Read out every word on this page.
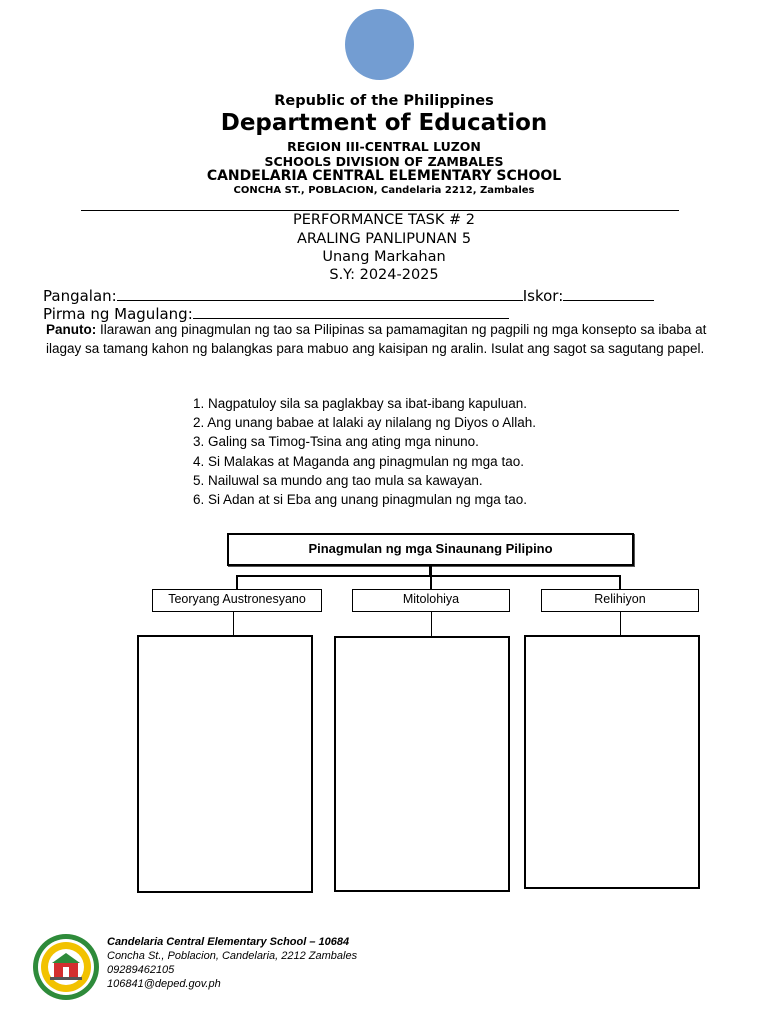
Republic of the Philippines
Department of Education
REGION III-CENTRAL LUZON
SCHOOLS DIVISION OF ZAMBALES
CANDELARIA CENTRAL ELEMENTARY SCHOOL
CONCHA ST., POBLACION, Candelaria 2212, Zambales
PERFORMANCE TASK # 2
ARALING PANLIPUNAN 5
Unang Markahan
S.Y: 2024-2025
Pangalan:	Iskor:
Pirma ng Magulang:
Panuto: Ilarawan ang pinagmulan ng tao sa Pilipinas sa pamamagitan ng pagpili ng mga konsepto sa ibaba at ilagay sa tamang kahon ng balangkas para mabuo ang kaisipan ng aralin. Isulat ang sagot sa sagutang papel.
1. Nagpatuloy sila sa paglakbay sa ibat-ibang kapuluan.
2. Ang unang babae at lalaki ay nilalang ng Diyos o Allah.
3. Galing sa Timog-Tsina ang ating mga ninuno.
4. Si Malakas at Maganda ang pinagmulan ng mga tao.
5. Nailuwal sa mundo ang tao mula sa kawayan.
6. Si Adan at si Eba ang unang pinagmulan ng mga tao.
Pinagmulan ng mga Sinaunang Pilipino
Teoryang Austronesyano	Mitolohiya	Relihiyon
Candelaria Central Elementary School – 10684
Concha St., Poblacion, Candelaria, 2212 Zambales
09289462105
106841@deped.gov.ph
